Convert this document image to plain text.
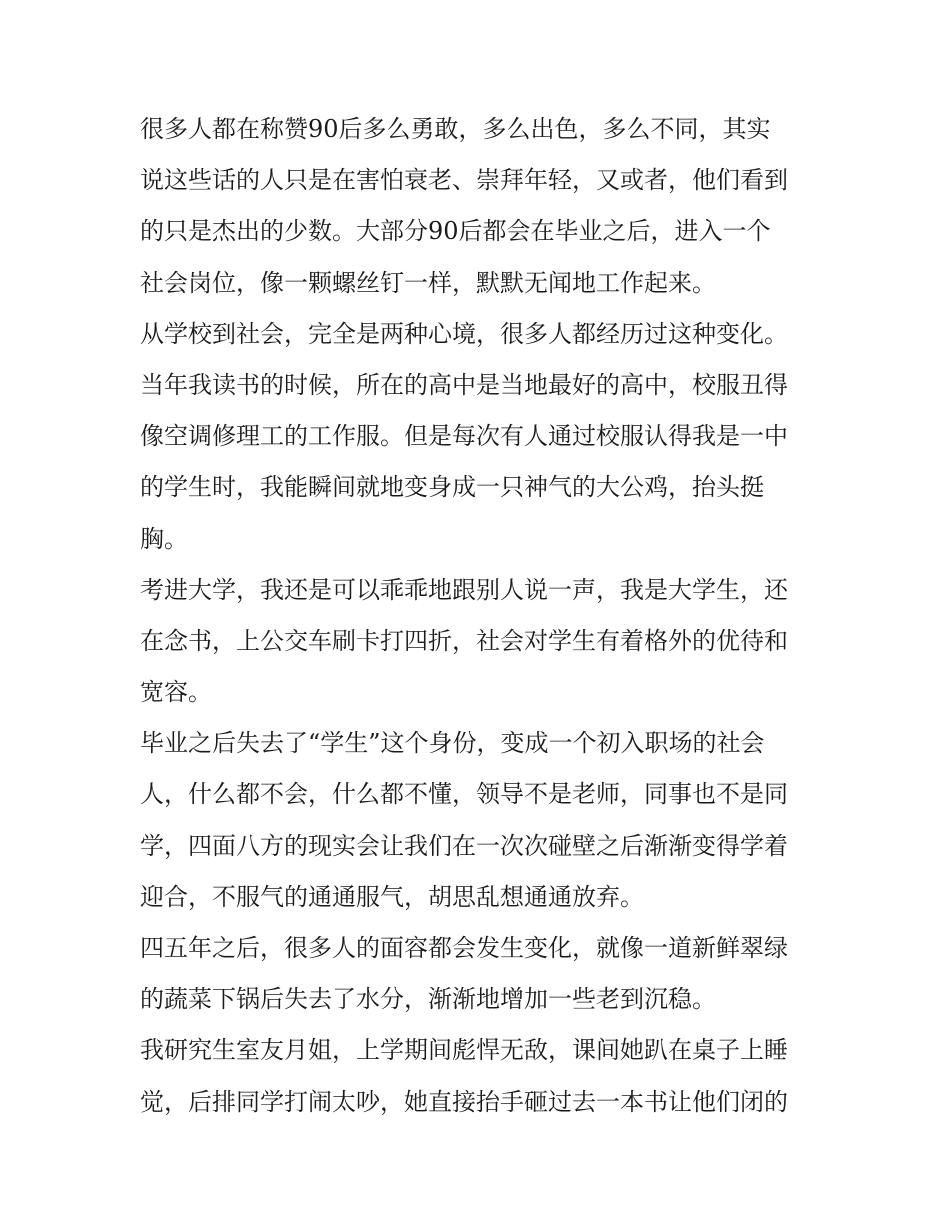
很多人都在称赞90后多么勇敢，多么出色，多么不同，其实
说这些话的人只是在害怕衰老、崇拜年轻，又或者，他们看到
的只是杰出的少数。大部分90后都会在毕业之后，进入一个
社会岗位，像一颗螺丝钉一样，默默无闻地工作起来。
从学校到社会，完全是两种心境，很多人都经历过这种变化。
当年我读书的时候，所在的高中是当地最好的高中，校服丑得
像空调修理工的工作服。但是每次有人通过校服认得我是一中
的学生时，我能瞬间就地变身成一只神气的大公鸡，抬头挺
胸。
考进大学，我还是可以乖乖地跟别人说一声，我是大学生，还
在念书，上公交车刷卡打四折，社会对学生有着格外的优待和
宽容。
毕业之后失去了“学生”这个身份，变成一个初入职场的社会
人，什么都不会，什么都不懂，领导不是老师，同事也不是同
学，四面八方的现实会让我们在一次次碰壁之后渐渐变得学着
迎合，不服气的通通服气，胡思乱想通通放弃。
四五年之后，很多人的面容都会发生变化，就像一道新鲜翠绿
的蔬菜下锅后失去了水分，渐渐地增加一些老到沉稳。
我研究生室友月姐，上学期间彪悍无敌，课间她趴在桌子上睡
觉，后排同学打闹太吵，她直接抬手砸过去一本书让他们闭的
